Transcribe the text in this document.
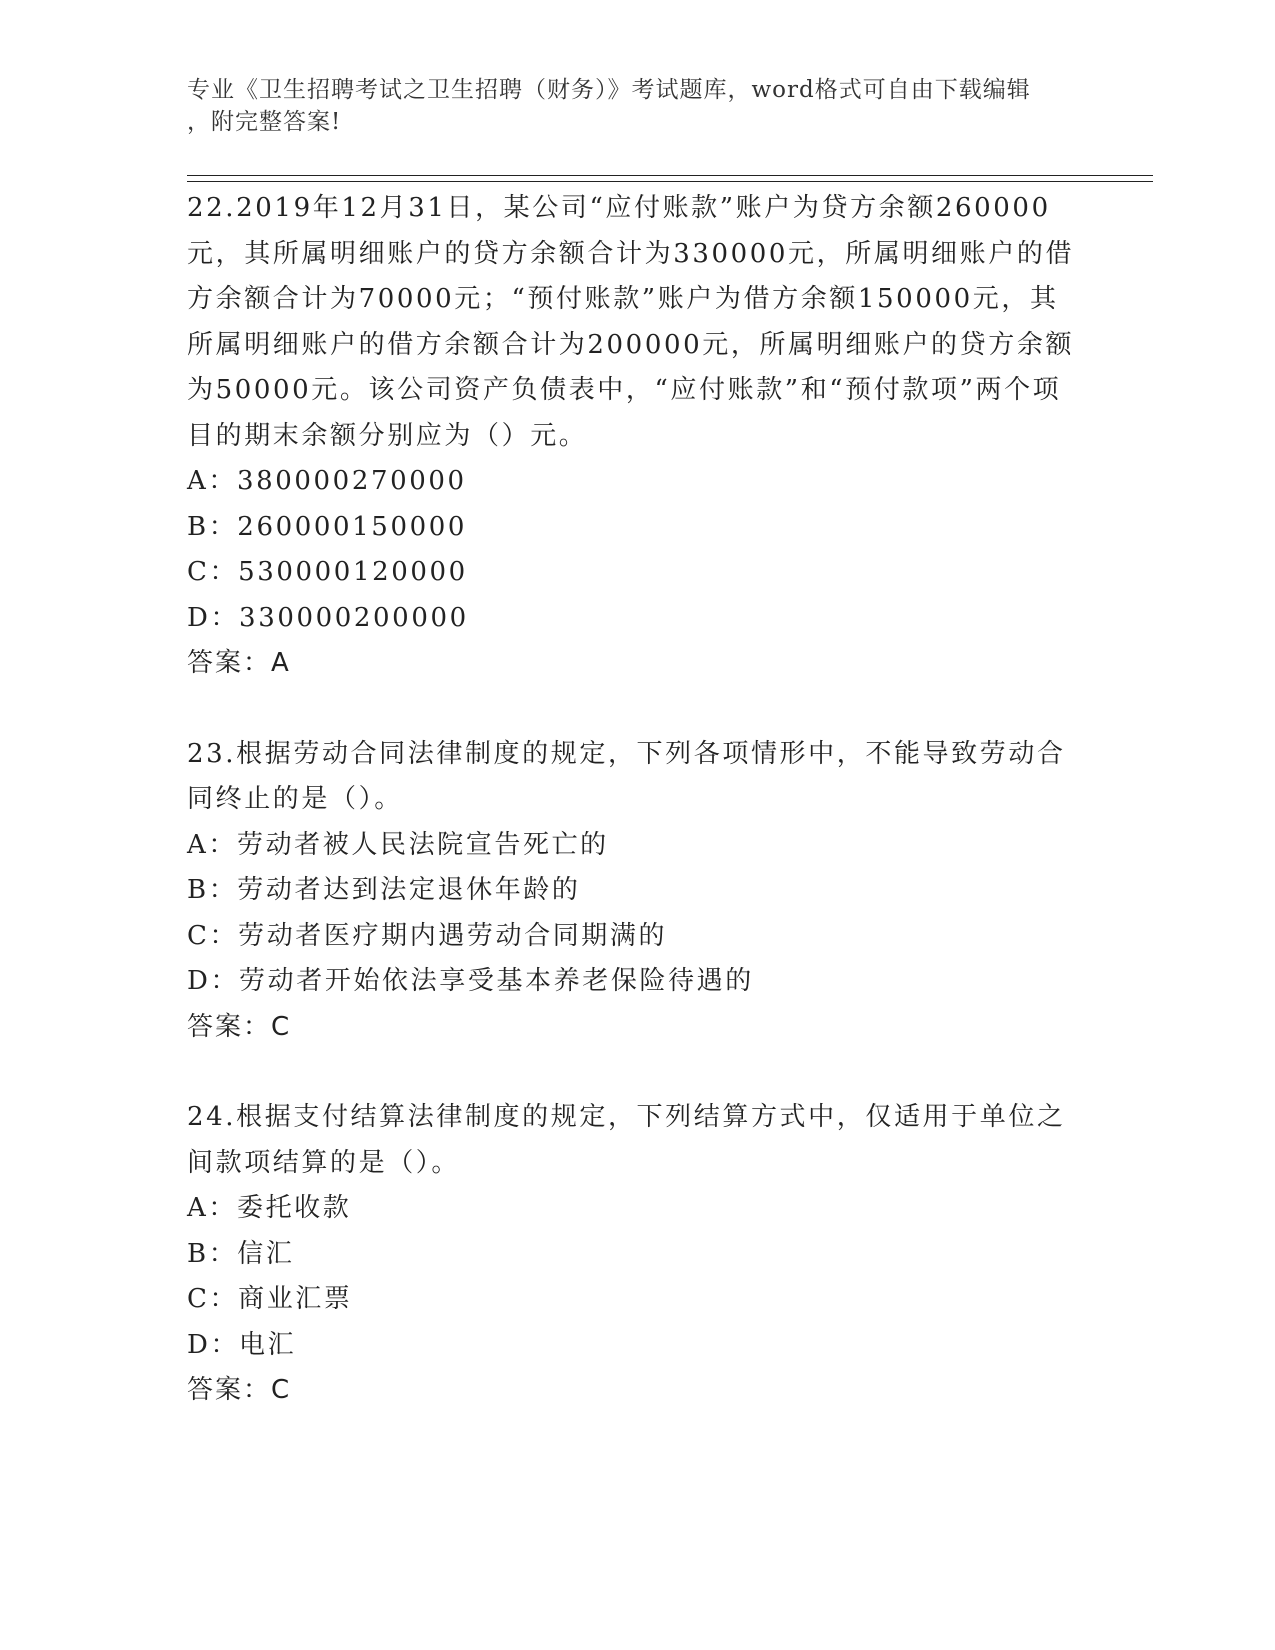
专业《卫生招聘考试之卫生招聘（财务）》考试题库，word格式可自由下载编辑

，附完整答案!

22.2019年12月31日，某公司“应付账款”账户为贷方余额260000元，其所属明细账户的贷方余额合计为330000元，所属明细账户的借方余额合计为70000元；“预付账款”账户为借方余额150000元，其所属明细账户的借方余额合计为200000元，所属明细账户的贷方余额为50000元。该公司资产负债表中，“应付账款”和“预付款项”两个项目的期末余额分别应为（）元。

A：380000270000

B：260000150000

C：530000120000

D：330000200000

答案：A

23.根据劳动合同法律制度的规定，下列各项情形中，不能导致劳动合同终止的是（）。

A：劳动者被人民法院宣告死亡的

B：劳动者达到法定退休年龄的

C：劳动者医疗期内遇劳动合同期满的

D：劳动者开始依法享受基本养老保险待遇的

答案：C

24.根据支付结算法律制度的规定，下列结算方式中，仅适用于单位之间款项结算的是（）。

A：委托收款

B：信汇

C：商业汇票

D：电汇

答案：C
